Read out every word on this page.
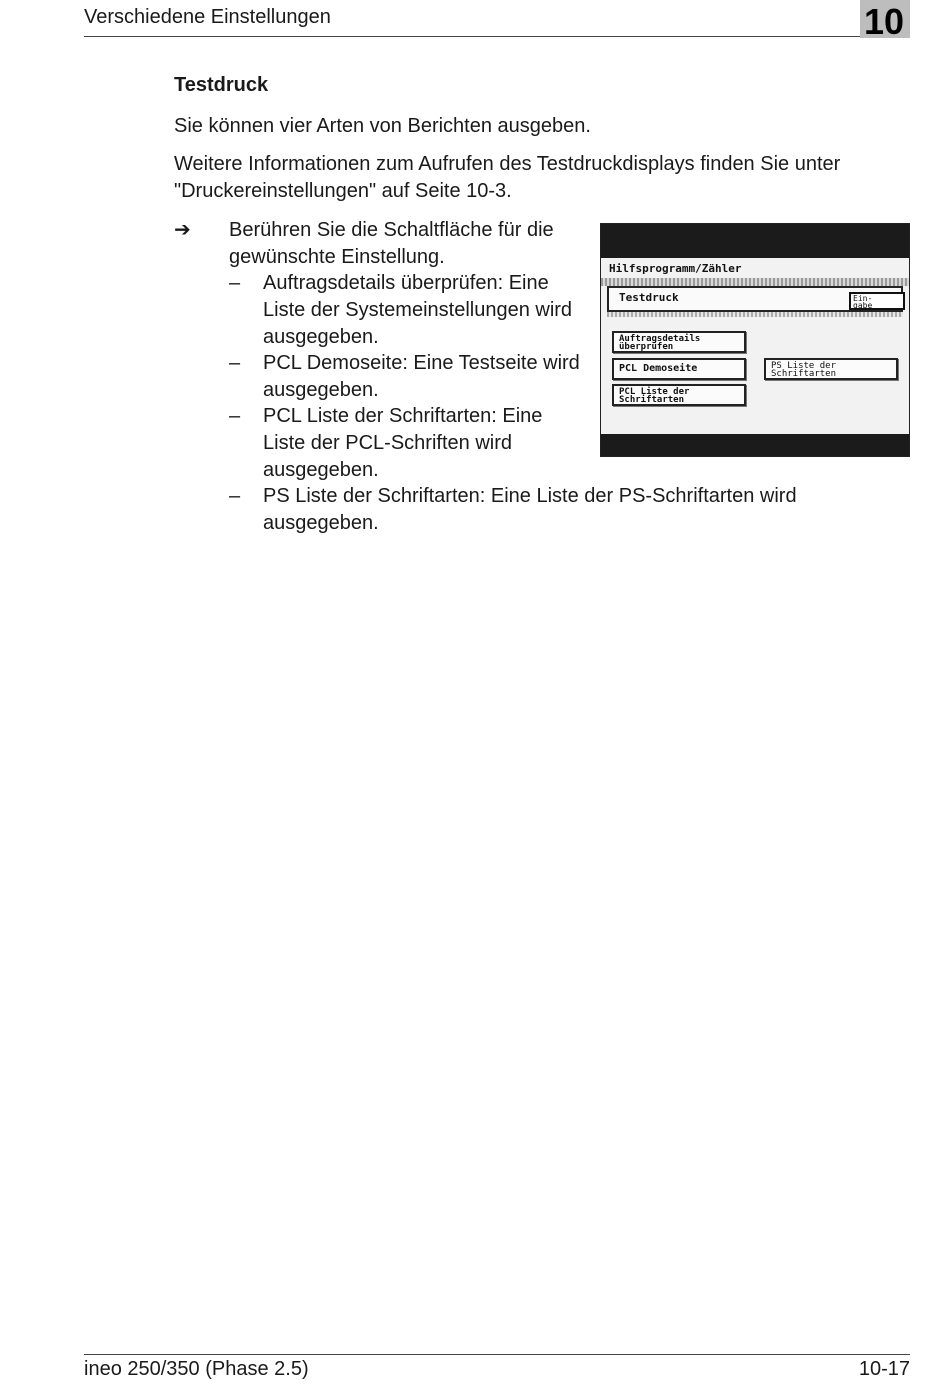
Verschiedene Einstellungen	10
Testdruck
Sie können vier Arten von Berichten ausgeben.
Weitere Informationen zum Aufrufen des Testdruckdisplays finden Sie unter "Druckereinstellungen" auf Seite 10-3.
➔ Berühren Sie die Schaltfläche für die gewünschte Einstellung.
– Auftragsdetails überprüfen: Eine Liste der Systemeinstellungen wird ausgegeben.
– PCL Demoseite: Eine Testseite wird ausgegeben.
– PCL Liste der Schriftarten: Eine Liste der PCL-Schriften wird ausgegeben.
– PS Liste der Schriftarten: Eine Liste der PS-Schriftarten wird ausgegeben.
Hilfsprogramm/Zähler
Testdruck	Ein-
gabe
Auftragsdetails
überprüfen
PCL Demoseite
PCL Liste der
Schriftarten
PS Liste der
Schriftarten
ineo 250/350 (Phase 2.5)	10-17
